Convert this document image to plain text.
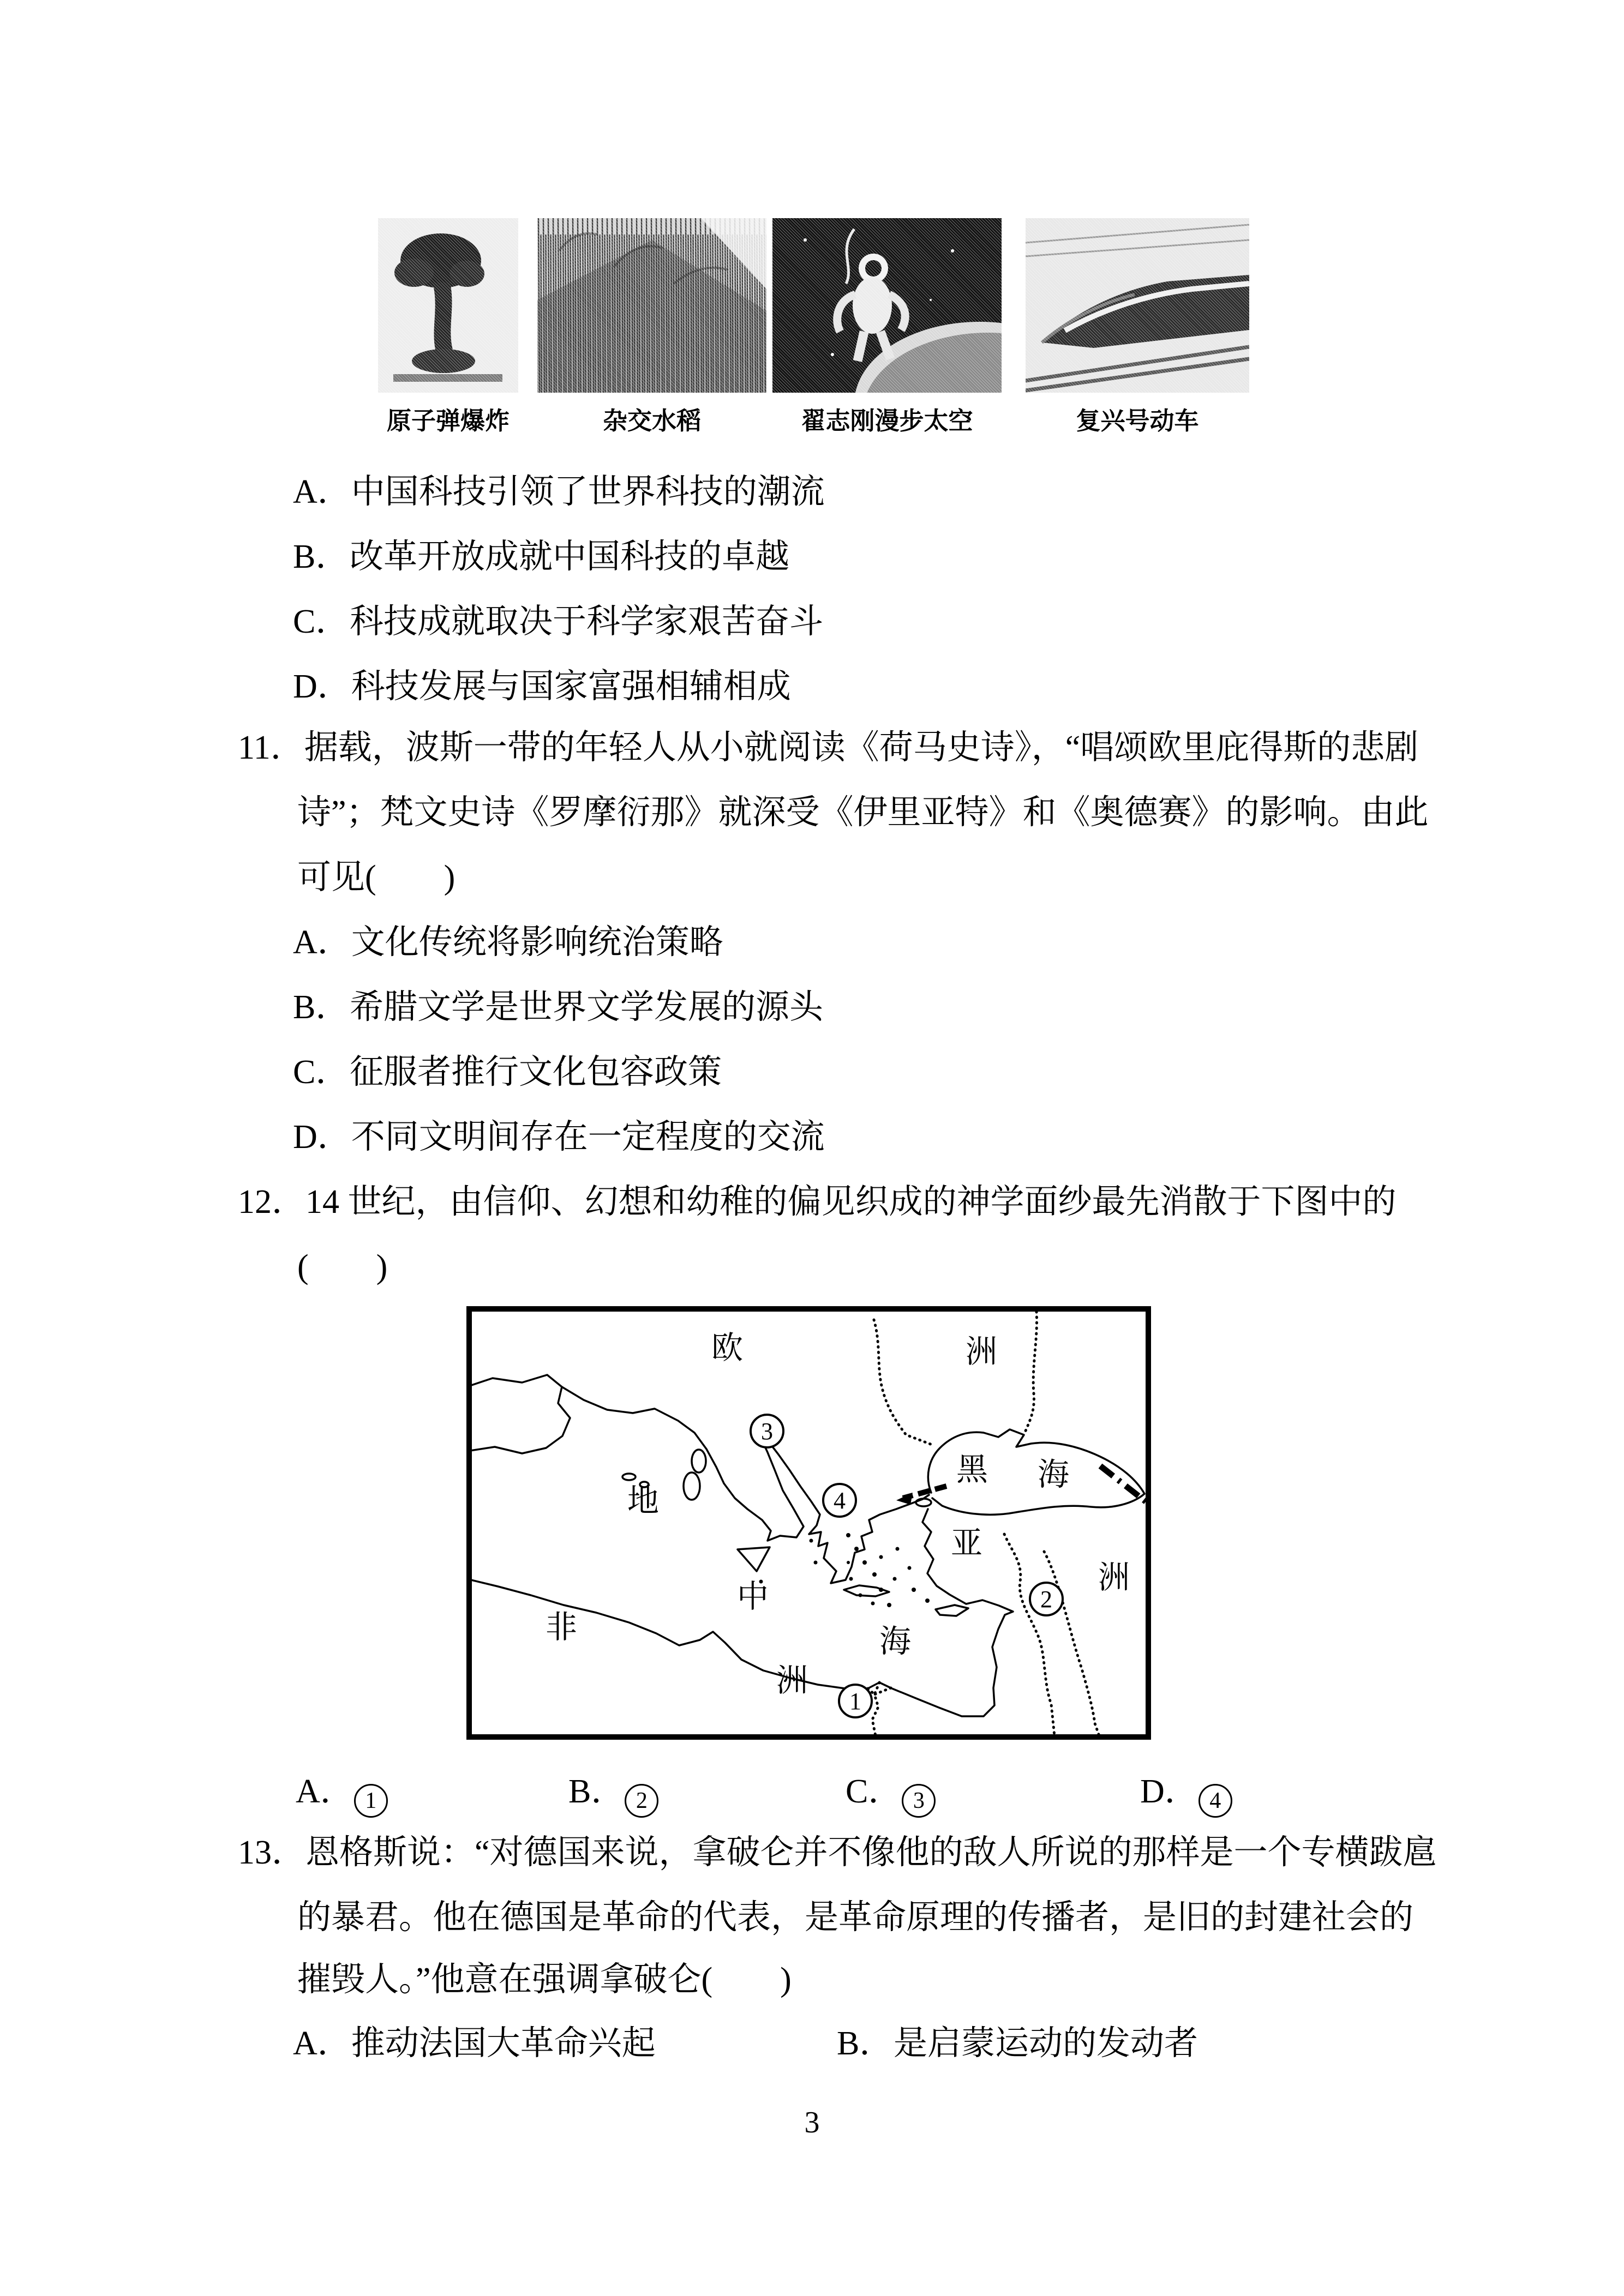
原子弹爆炸	杂交水稻	翟志刚漫步太空	复兴号动车
A．中国科技引领了世界科技的潮流
B．改革开放成就中国科技的卓越
C．科技成就取决于科学家艰苦奋斗
D．科技发展与国家富强相辅相成
11．据载，波斯一带的年轻人从小就阅读《荷马史诗》，“唱颂欧里庇得斯的悲剧
诗”；梵文史诗《罗摩衍那》就深受《伊里亚特》和《奥德赛》的影响。由此
可见(　　)
A．文化传统将影响统治策略
B．希腊文学是世界文学发展的源头
C．征服者推行文化包容政策
D．不同文明间存在一定程度的交流
12．14 世纪，由信仰、幻想和幼稚的偏见织成的神学面纱最先消散于下图中的
(　　)
欧	洲
黑 海
地
中
海
亚
洲
非
洲
1
2
3
4
A． 1	B． 2	C． 3	D． 4
13．恩格斯说：“对德国来说，拿破仑并不像他的敌人所说的那样是一个专横跋扈
的暴君。他在德国是革命的代表，是革命原理的传播者，是旧的封建社会的
摧毁人。”他意在强调拿破仑(　　)
A．推动法国大革命兴起	B．是启蒙运动的发动者
3
